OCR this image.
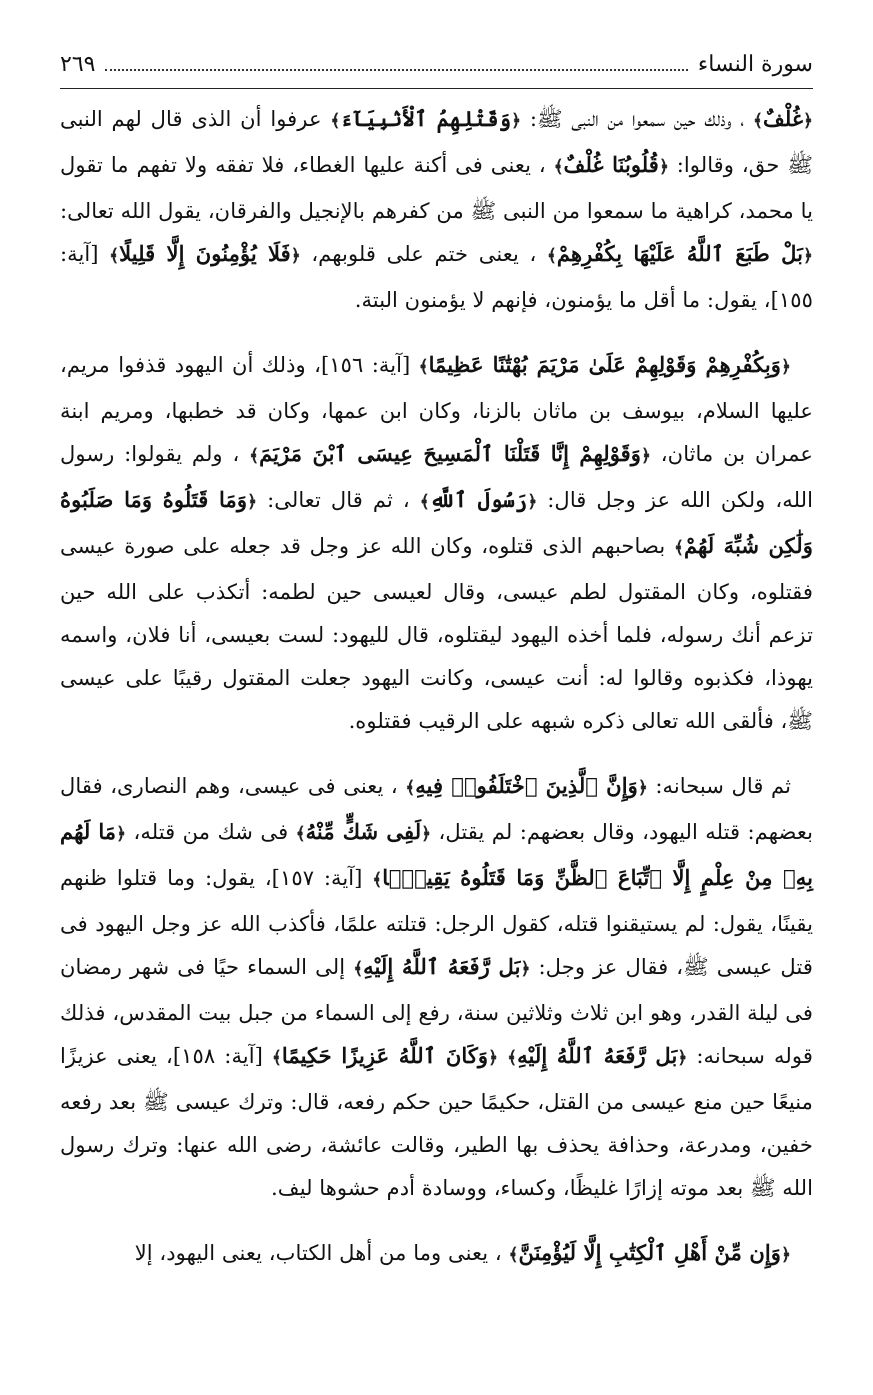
سورة النساء
٢٦٩

﴿غُلْفٌ﴾ ، وذلك حين سمعوا من النبى ﷺ: ﴿وَقَتْلِهِمُ ٱلْأَنۢبِيَآءَ﴾ عرفوا أن الذى قال لهم النبى ﷺ حق، وقالوا: ﴿قُلُوبُنَا غُلْفٌ﴾ ، يعنى فى أكنة عليها الغطاء، فلا تفقه ولا تفهم ما تقول يا محمد، كراهية ما سمعوا من النبى ﷺ من كفرهم بالإنجيل والفرقان، يقول الله تعالى: ﴿بَلْ طَبَعَ ٱللَّهُ عَلَيْهَا بِكُفْرِهِمْ﴾ ، يعنى ختم على قلوبهم، ﴿فَلَا يُؤْمِنُونَ إِلَّا قَلِيلًا﴾ [آية: ١٥٥]، يقول: ما أقل ما يؤمنون، فإنهم لا يؤمنون البتة.

﴿وَبِكُفْرِهِمْ وَقَوْلِهِمْ عَلَىٰ مَرْيَمَ بُهْتَٰنًا عَظِيمًا﴾ [آية: ١٥٦]، وذلك أن اليهود قذفوا مريم، عليها السلام، بيوسف بن ماثان بالزنا، وكان ابن عمها، وكان قد خطبها، ومريم ابنة عمران بن ماثان، ﴿وَقَوْلِهِمْ إِنَّا قَتَلْنَا ٱلْمَسِيحَ عِيسَى ٱبْنَ مَرْيَمَ﴾ ، ولم يقولوا: رسول الله، ولكن الله عز وجل قال: ﴿رَسُولَ ٱللَّهِ﴾ ، ثم قال تعالى: ﴿وَمَا قَتَلُوهُ وَمَا صَلَبُوهُ وَلَٰكِن شُبِّهَ لَهُمْ﴾ بصاحبهم الذى قتلوه، وكان الله عز وجل قد جعله على صورة عيسى فقتلوه، وكان المقتول لطم عيسى، وقال لعيسى حين لطمه: أتكذب على الله حين تزعم أنك رسوله، فلما أخذه اليهود ليقتلوه، قال لليهود: لست بعيسى، أنا فلان، واسمه يهوذا، فكذبوه وقالوا له: أنت عيسى، وكانت اليهود جعلت المقتول رقيبًا على عيسى ﷺ، فألقى الله تعالى ذكره شبهه على الرقيب فقتلوه.

ثم قال سبحانه: ﴿وَإِنَّ ٱلَّذِينَ ٱخْتَلَفُوا۟ فِيهِ﴾ ، يعنى فى عيسى، وهم النصارى، فقال بعضهم: قتله اليهود، وقال بعضهم: لم يقتل، ﴿لَفِى شَكٍّ مِّنْهُ﴾ فى شك من قتله، ﴿مَا لَهُم بِهِۦ مِنْ عِلْمٍ إِلَّا ٱتِّبَاعَ ٱلظَّنِّ وَمَا قَتَلُوهُ يَقِينًۢا﴾ [آية: ١٥٧]، يقول: وما قتلوا ظنهم يقينًا، يقول: لم يستيقنوا قتله، كقول الرجل: قتلته علمًا، فأكذب الله عز وجل اليهود فى قتل عيسى ﷺ، فقال عز وجل: ﴿بَل رَّفَعَهُ ٱللَّهُ إِلَيْهِ﴾ إلى السماء حيًا فى شهر رمضان فى ليلة القدر، وهو ابن ثلاث وثلاثين سنة، رفع إلى السماء من جبل بيت المقدس، فذلك قوله سبحانه: ﴿بَل رَّفَعَهُ ٱللَّهُ إِلَيْهِ﴾ ﴿وَكَانَ ٱللَّهُ عَزِيزًا حَكِيمًا﴾ [آية: ١٥٨]، يعنى عزيزًا منيعًا حين منع عيسى من القتل، حكيمًا حين حكم رفعه، قال: وترك عيسى ﷺ بعد رفعه خفين، ومدرعة، وحذافة يحذف بها الطير، وقالت عائشة، رضى الله عنها: وترك رسول الله ﷺ بعد موته إزارًا غليظًا، وكساء، ووسادة أدم حشوها ليف.

﴿وَإِن مِّنْ أَهْلِ ٱلْكِتَٰبِ إِلَّا لَيُؤْمِنَنَّ﴾ ، يعنى وما من أهل الكتاب، يعنى اليهود، إلا
